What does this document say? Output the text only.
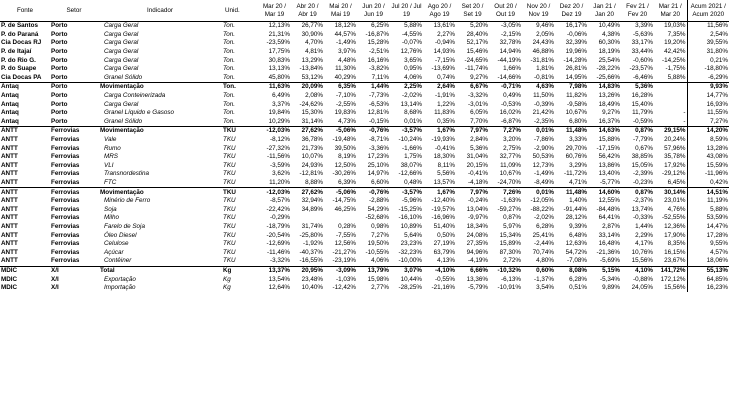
Fonte	Setor	Indicador	Unid.	Mar 20 / Mar 19	Abr 20 / Abr 19	Mai 20 / Mai 19	Jun 20 / Jun 19	Jul 20 / Jul 19	Ago 20 / Ago 19	Set 20 / Set 19	Out 20 / Out 19	Nov 20 / Nov 19	Dez 20 / Dez 19	Jan 21 / Jan 20	Fev 21 / Fev 20	Mar 21 / Mar 20	Acum 2021 / Acum 2020
P. de Santos	Porto	Carga Geral	Ton.	12,13%	26,77%	18,12%	6,25%	5,88%	13,61%	5,20%	-3,05%	9,46%	16,17%	10,49%	3,39%	19,03%	11,56%
P. do Paraná	Porto	Carga Geral	Ton.	21,31%	30,90%	44,57%	-16,87%	-4,55%	2,27%	28,40%	-2,15%	2,05%	-0,06%	4,38%	-5,63%	7,35%	2,54%
Cia Docas RJ	Porto	Carga Geral	Ton.	-23,59%	4,70%	-1,49%	15,28%	-0,07%	-0,94%	52,17%	32,78%	24,43%	32,39%	60,30%	33,17%	19,20%	39,55%
P. de Itajaí	Porto	Carga Geral	Ton.	17,75%	4,81%	3,97%	-2,51%	12,76%	14,93%	15,46%	14,94%	46,88%	19,96%	18,19%	33,44%	42,42%	31,80%
P. do Rio G.	Porto	Carga Geral	Ton.	30,83%	13,29%	4,48%	16,16%	3,65%	-7,15%	-24,65%	-44,19%	-31,81%	-14,28%	25,54%	-0,60%	-14,25%	0,21%
P. do Suape	Porto	Carga Geral	Ton.	13,13%	-13,84%	11,30%	-3,82%	0,95%	-13,69%	-11,74%	1,66%	1,81%	26,81%	-28,22%	-23,57%	-1,75%	-18,80%
Cia Docas PA	Porto	Granel Sólido	Ton.	45,80%	53,12%	40,29%	7,11%	4,06%	0,74%	9,27%	-14,66%	-0,81%	14,95%	-25,66%	-6,46%	5,88%	-6,29%
Antaq	Porto	Movimentação	Ton.	11,63%	20,09%	6,35%	1,44%	2,25%	2,64%	6,67%	-0,71%	4,63%	7,98%	14,83%	5,36%		9,93%
Antaq	Porto	Carga Conteinerizada	Ton.	6,49%	2,08%	-7,10%	-7,73%	-2,02%	-1,91%	-3,32%	0,49%	11,50%	11,82%	13,26%	16,28%		14,77%
Antaq	Porto	Carga Geral	Ton.	3,37%	-24,62%	-2,55%	-6,53%	13,14%	1,22%	-3,01%	-0,53%	-0,39%	-9,58%	18,49%	15,40%		16,93%
Antaq	Porto	Granel Líquido e Gasoso	Ton.	19,84%	15,30%	19,83%	12,81%	8,68%	11,83%	6,05%	16,02%	21,42%	10,67%	9,27%	11,79%	-	11,55%
Antaq	Porto	Granel Sólido	Ton.	10,29%	31,14%	4,73%	-0,15%	0,01%	0,35%	7,70%	-6,87%	-2,35%	6,80%	16,37%	-0,59%	-	7,27%
ANTT	Ferrovias	Movimentação	TKU	-12,03%	27,62%	-5,06%	-0,76%	-3,57%	1,67%	7,97%	7,27%	0,01%	11,48%	14,63%	0,87%	29,15%	14,20%
ANTT	Ferrovias	Vale	TKU	-8,12%	36,78%	-19,48%	-8,71%	-10,24%	-19,93%	2,84%	3,20%	-7,86%	3,33%	15,88%	-7,79%	20,24%	8,59%
ANTT	Ferrovias	Rumo	TKU	-27,32%	21,73%	39,50%	-3,36%	-1,66%	-0,41%	5,36%	2,75%	-2,90%	29,70%	-17,15%	0,67%	57,96%	13,28%
ANTT	Ferrovias	MRS	TKU	-11,56%	10,07%	8,19%	17,23%	1,75%	18,30%	31,04%	32,77%	50,53%	60,76%	56,42%	38,85%	35,78%	43,08%
ANTT	Ferrovias	VLI	TKU	-3,59%	24,93%	12,50%	25,10%	38,07%	8,11%	20,15%	11,09%	12,73%	3,29%	13,86%	15,05%	17,92%	15,59%
ANTT	Ferrovias	Transnordestina	TKU	3,62%	-12,81%	-30,26%	14,97%	-12,66%	5,56%	-0,41%	10,67%	-1,49%	-11,72%	13,40%	-2,39%	-29,12%	-11,96%
ANTT	Ferrovias	FTC	TKU	11,20%	8,88%	6,39%	6,60%	0,48%	13,57%	-4,18%	-24,70%	-8,49%	4,71%	-5,77%	-0,23%	6,45%	0,42%
ANTT	Ferrovias	Movimentação	TKU	-12,03%	27,62%	-5,06%	-0,76%	-3,57%	1,67%	7,97%	7,26%	0,01%	11,48%	14,60%	0,87%	30,14%	14,51%
ANTT	Ferrovias	Minério de Ferro	TKU	-8,57%	32,94%	-14,75%	-2,88%	-5,96%	-12,40%	-0,24%	-1,63%	-12,05%	1,40%	12,55%	-2,37%	23,01%	11,19%
ANTT	Ferrovias	Soja	TKU	-22,42%	34,89%	46,25%	54,29%	-15,25%	-19,57%	13,04%	-59,27%	-88,22%	-91,44%	-84,48%	13,74%	4,76%	5,88%
ANTT	Ferrovias	Milho	TKU	-0,29%			-52,68%	-16,10%	-16,96%	-9,97%	0,87%	-2,02%	28,12%	64,41%	-0,33%	-52,55%	53,59%
ANTT	Ferrovias	Farelo de Soja	TKU	-18,79%	31,74%	0,28%	0,98%	10,89%	51,40%	18,34%	5,97%	6,28%	9,39%	2,87%	1,44%	12,36%	14,47%
ANTT	Ferrovias	Óleo Diesel	TKU	-20,54%	-25,80%	-7,55%	7,27%	5,64%	0,50%	24,08%	15,34%	25,41%	6,48%	33,14%	2,29%	17,90%	17,28%
ANTT	Ferrovias	Celulose	TKU	-12,69%	-1,92%	12,56%	19,50%	23,23%	27,19%	27,35%	15,89%	-2,44%	12,63%	16,48%	4,17%	8,35%	9,55%
ANTT	Ferrovias	Açúcar	TKU	-11,46%	-40,37%	-21,27%	-10,55%	-32,23%	63,79%	94,96%	87,30%	70,74%	54,72%	-21,36%	10,76%	16,15%	4,57%
ANTT	Ferrovias	Contêiner	TKU	-3,32%	-16,55%	-23,19%	4,06%	-10,00%	4,13%	-4,19%	2,72%	4,80%	-7,08%	-5,69%	15,56%	23,67%	18,06%
MDIC	X/I	Total	Kg	13,37%	20,95%	-3,09%	13,79%	3,07%	-4,10%	6,66%	-10,32%	0,60%	8,08%	5,15%	4,10%	141,72%	55,13%
MDIC	X/I	Exportação	Kg	13,54%	23,48%	-1,03%	15,98%	10,44%	-0,55%	13,36%	-6,13%	-1,37%	6,28%	-5,34%	-0,88%	172,12%	64,85%
MDIC	X/I	Importação	Kg	12,64%	10,40%	-12,42%	2,77%	-28,25%	-21,16%	-5,79%	-10,91%	3,54%	0,51%	9,89%	24,05%	15,56%	16,23%
